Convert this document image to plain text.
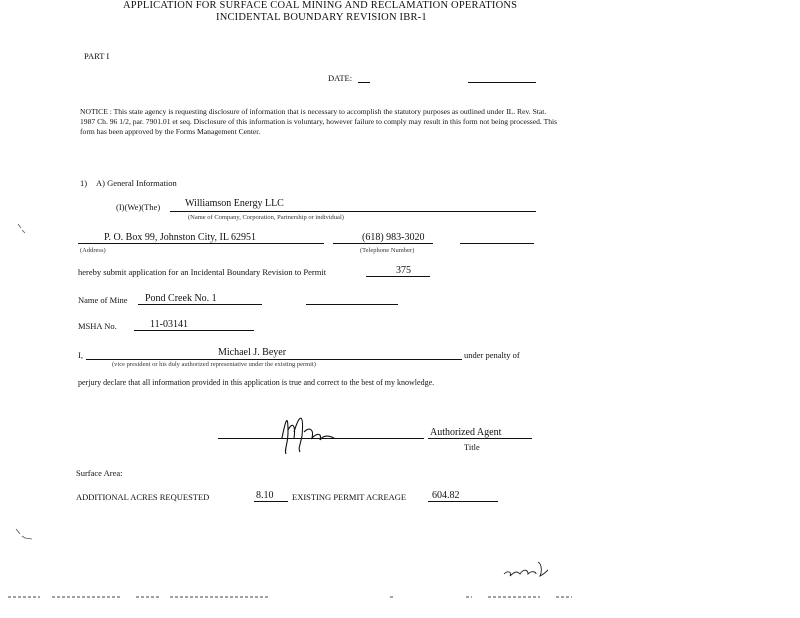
APPLICATION FOR SURFACE COAL MINING AND RECLAMATION OPERATIONS
INCIDENTAL BOUNDARY REVISION IBR-1
PART I
DATE:
NOTICE : This state agency is requesting disclosure of information that is necessary to accomplish the statutory purposes as outlined under IL. Rev. Stat. 1987 Ch. 96 1/2, par. 7901.01 et seq. Disclosure of this information is voluntary, however failure to comply may result in this form not being processed. This form has been approved by the Forms Management Center.
1) A) General Information
(I)(We)(The) Williamson Energy LLC
(Name of Company, Corporation, Partnership or individual)
P. O. Box 99, Johnston City, IL 62951
(Address)
(618) 983-3020
(Telephone Number)
hereby submit application for an Incidental Boundary Revision to Permit	375
Name of Mine Pond Creek No. 1
MSHA No.	11-03141
I,	Michael J. Beyer	under penalty of
(vice president or his duly authorized representative under the existing permit)
perjury declare that all information provided in this application is true and correct to the best of my knowledge.
Authorized Agent
Title
Surface Area:
ADDITIONAL ACRES REQUESTED	8.10 EXISTING PERMIT ACREAGE	604.82
